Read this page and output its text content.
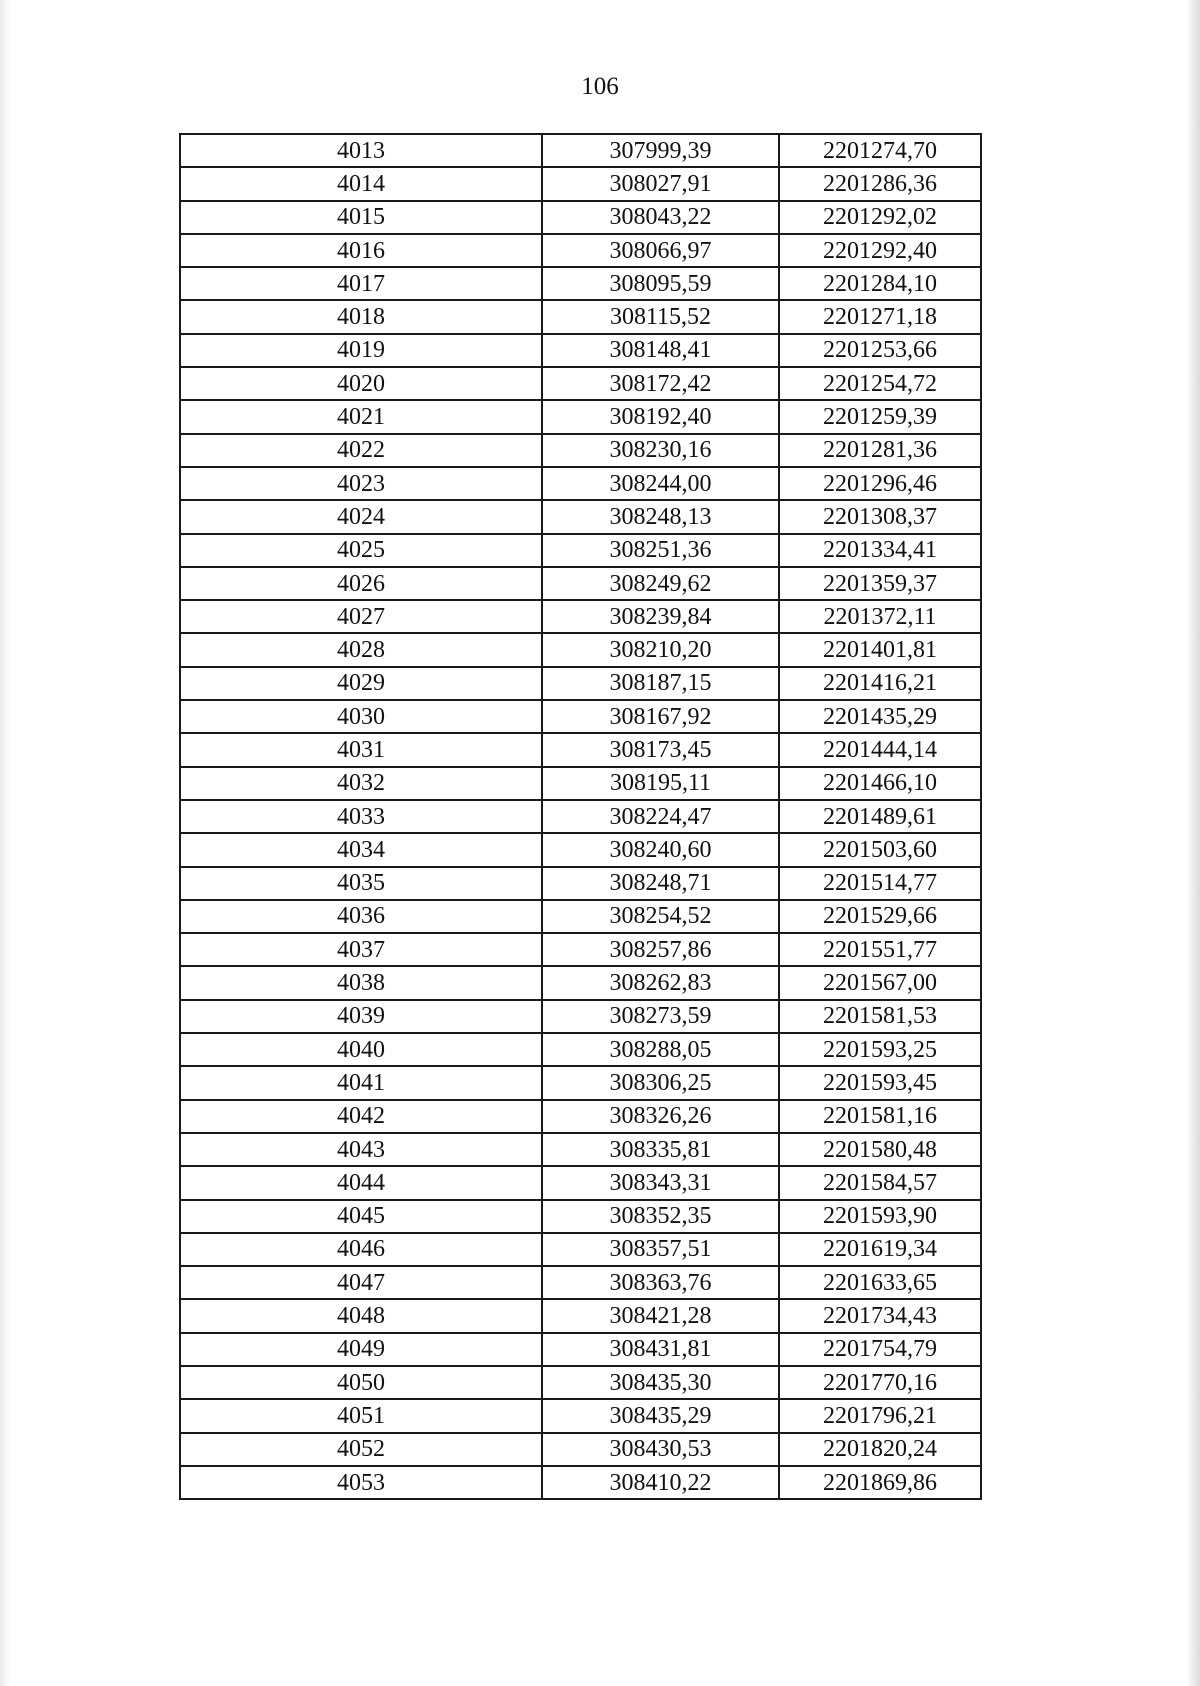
106
4013	307999,39	2201274,70
4014	308027,91	2201286,36
4015	308043,22	2201292,02
4016	308066,97	2201292,40
4017	308095,59	2201284,10
4018	308115,52	2201271,18
4019	308148,41	2201253,66
4020	308172,42	2201254,72
4021	308192,40	2201259,39
4022	308230,16	2201281,36
4023	308244,00	2201296,46
4024	308248,13	2201308,37
4025	308251,36	2201334,41
4026	308249,62	2201359,37
4027	308239,84	2201372,11
4028	308210,20	2201401,81
4029	308187,15	2201416,21
4030	308167,92	2201435,29
4031	308173,45	2201444,14
4032	308195,11	2201466,10
4033	308224,47	2201489,61
4034	308240,60	2201503,60
4035	308248,71	2201514,77
4036	308254,52	2201529,66
4037	308257,86	2201551,77
4038	308262,83	2201567,00
4039	308273,59	2201581,53
4040	308288,05	2201593,25
4041	308306,25	2201593,45
4042	308326,26	2201581,16
4043	308335,81	2201580,48
4044	308343,31	2201584,57
4045	308352,35	2201593,90
4046	308357,51	2201619,34
4047	308363,76	2201633,65
4048	308421,28	2201734,43
4049	308431,81	2201754,79
4050	308435,30	2201770,16
4051	308435,29	2201796,21
4052	308430,53	2201820,24
4053	308410,22	2201869,86
